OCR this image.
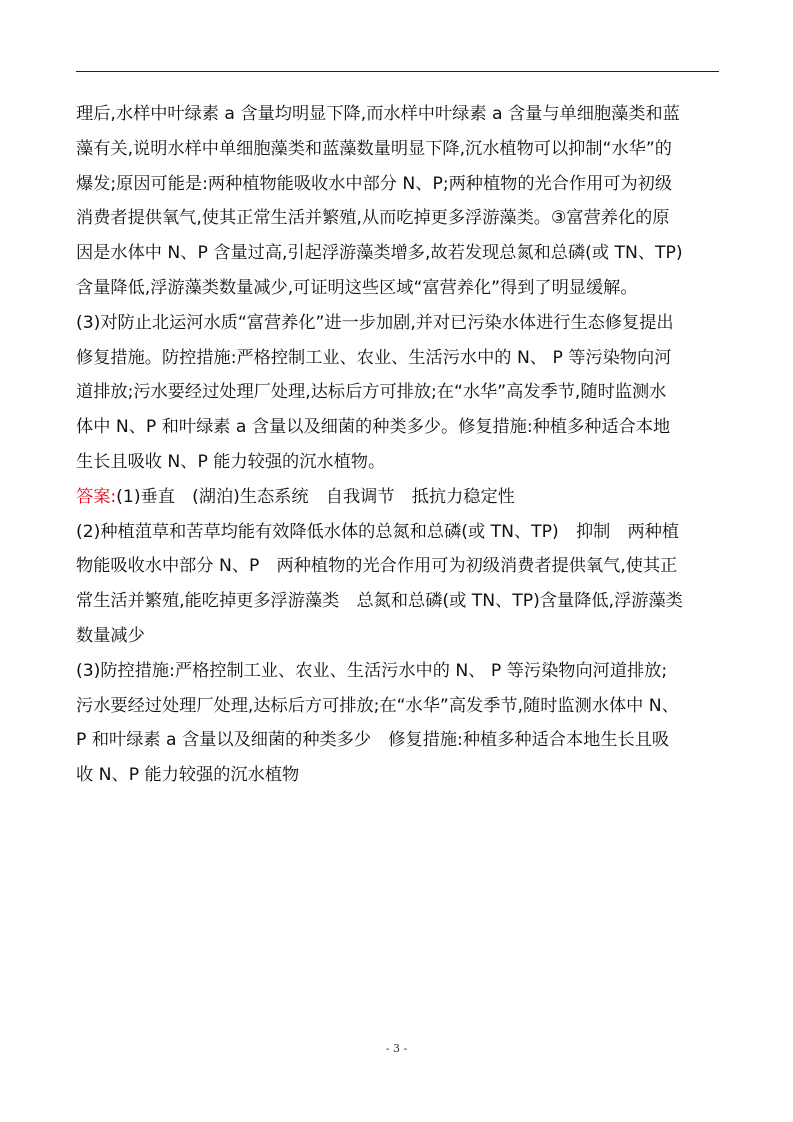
理后,水样中叶绿素 a 含量均明显下降,而水样中叶绿素 a 含量与单细胞藻类和蓝
藻有关,说明水样中单细胞藻类和蓝藻数量明显下降,沉水植物可以抑制“水华”的
爆发;原因可能是:两种植物能吸收水中部分 N、P;两种植物的光合作用可为初级
消费者提供氧气,使其正常生活并繁殖,从而吃掉更多浮游藻类。③富营养化的原
因是水体中 N、P 含量过高,引起浮游藻类增多,故若发现总氮和总磷(或 TN、TP)
含量降低,浮游藻类数量减少,可证明这些区域“富营养化”得到了明显缓解。
(3)对防止北运河水质“富营养化”进一步加剧,并对已污染水体进行生态修复提出
修复措施。防控措施:严格控制工业、农业、生活污水中的 N、 P 等污染物向河
道排放;污水要经过处理厂处理,达标后方可排放;在“水华”高发季节,随时监测水
体中 N、P 和叶绿素 a 含量以及细菌的种类多少。修复措施:种植多种适合本地
生长且吸收 N、P 能力较强的沉水植物。
答案:(1)垂直　(湖泊)生态系统　自我调节　抵抗力稳定性
(2)种植菹草和苦草均能有效降低水体的总氮和总磷(或 TN、TP)　抑制　两种植
物能吸收水中部分 N、P　两种植物的光合作用可为初级消费者提供氧气,使其正
常生活并繁殖,能吃掉更多浮游藻类　总氮和总磷(或 TN、TP)含量降低,浮游藻类
数量减少
(3)防控措施:严格控制工业、农业、生活污水中的 N、 P 等污染物向河道排放;
污水要经过处理厂处理,达标后方可排放;在“水华”高发季节,随时监测水体中 N、
P 和叶绿素 a 含量以及细菌的种类多少　修复措施:种植多种适合本地生长且吸
收 N、P 能力较强的沉水植物
- 3 -
